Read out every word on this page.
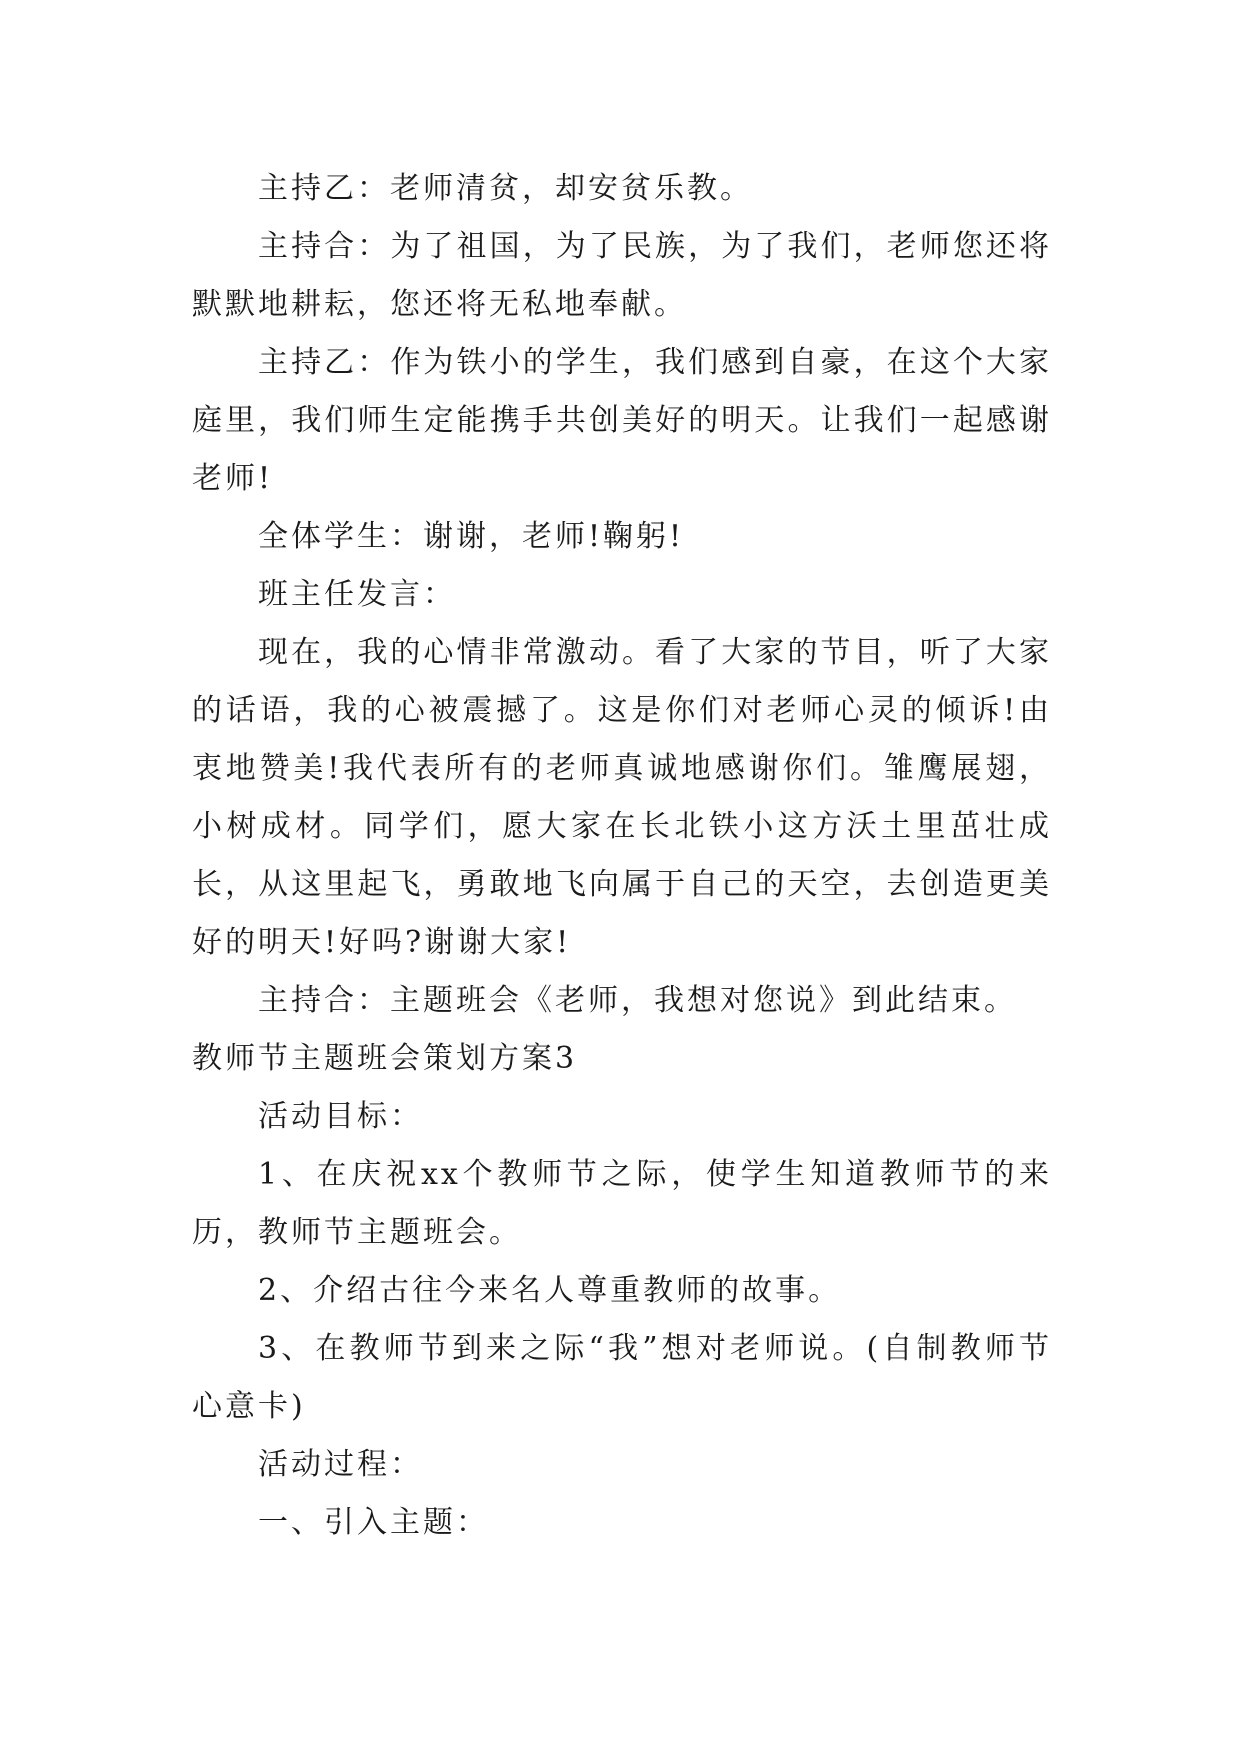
主持乙：老师清贫，却安贫乐教。

主持合：为了祖国，为了民族，为了我们，老师您还将默默地耕耘，您还将无私地奉献。

主持乙：作为铁小的学生，我们感到自豪，在这个大家庭里，我们师生定能携手共创美好的明天。让我们一起感谢老师!

全体学生：谢谢，老师!鞠躬!

班主任发言：

现在，我的心情非常激动。看了大家的节目，听了大家的话语，我的心被震撼了。这是你们对老师心灵的倾诉!由衷地赞美!我代表所有的老师真诚地感谢你们。雏鹰展翅，小树成材。同学们，愿大家在长北铁小这方沃土里茁壮成长，从这里起飞，勇敢地飞向属于自己的天空，去创造更美好的明天!好吗?谢谢大家!

主持合：主题班会《老师，我想对您说》到此结束。

教师节主题班会策划方案3

活动目标：

1、在庆祝xx个教师节之际，使学生知道教师节的来历，教师节主题班会。

2、介绍古往今来名人尊重教师的故事。

3、在教师节到来之际“我”想对老师说。(自制教师节心意卡)

活动过程：

一、引入主题：
